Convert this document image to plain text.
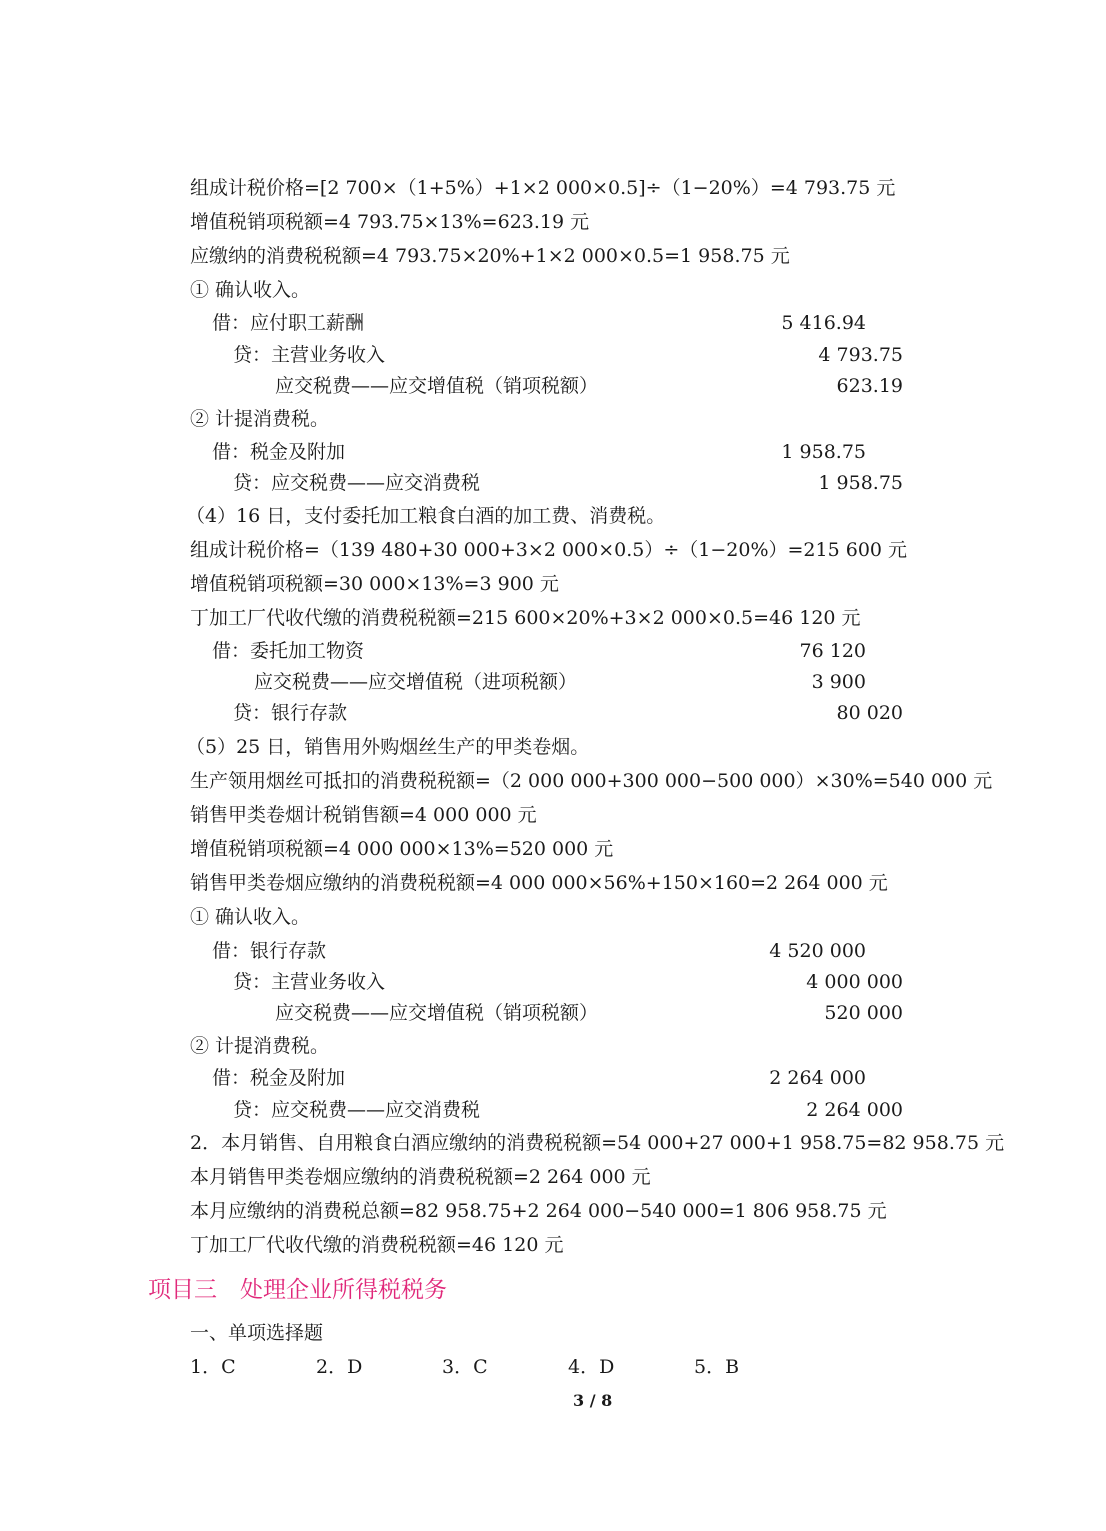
组成计税价格=[2 700×（1+5%）+1×2 000×0.5]÷（1−20%）=4 793.75 元
增值税销项税额=4 793.75×13%=623.19 元
应缴纳的消费税税额=4 793.75×20%+1×2 000×0.5=1 958.75 元
① 确认收入。
借：应付职工薪酬	5 416.94
贷：主营业务收入	4 793.75
应交税费——应交增值税（销项税额）	623.19
② 计提消费税。
借：税金及附加	1 958.75
贷：应交税费——应交消费税	1 958.75
（4）16 日，支付委托加工粮食白酒的加工费、消费税。
组成计税价格=（139 480+30 000+3×2 000×0.5）÷（1−20%）=215 600 元
增值税销项税额=30 000×13%=3 900 元
丁加工厂代收代缴的消费税税额=215 600×20%+3×2 000×0.5=46 120 元
借：委托加工物资	76 120
应交税费——应交增值税（进项税额）	3 900
贷：银行存款	80 020
（5）25 日，销售用外购烟丝生产的甲类卷烟。
生产领用烟丝可抵扣的消费税税额=（2 000 000+300 000−500 000）×30%=540 000 元
销售甲类卷烟计税销售额=4 000 000 元
增值税销项税额=4 000 000×13%=520 000 元
销售甲类卷烟应缴纳的消费税税额=4 000 000×56%+150×160=2 264 000 元
① 确认收入。
借：银行存款	4 520 000
贷：主营业务收入	4 000 000
应交税费——应交增值税（销项税额）	520 000
② 计提消费税。
借：税金及附加	2 264 000
贷：应交税费——应交消费税	2 264 000
2．本月销售、自用粮食白酒应缴纳的消费税税额=54 000+27 000+1 958.75=82 958.75 元
本月销售甲类卷烟应缴纳的消费税税额=2 264 000 元
本月应缴纳的消费税总额=82 958.75+2 264 000−540 000=1 806 958.75 元
丁加工厂代收代缴的消费税税额=46 120 元
项目三　处理企业所得税税务
一、单项选择题
1．C	2．D	3．C	4．D	5．B
3 / 8
